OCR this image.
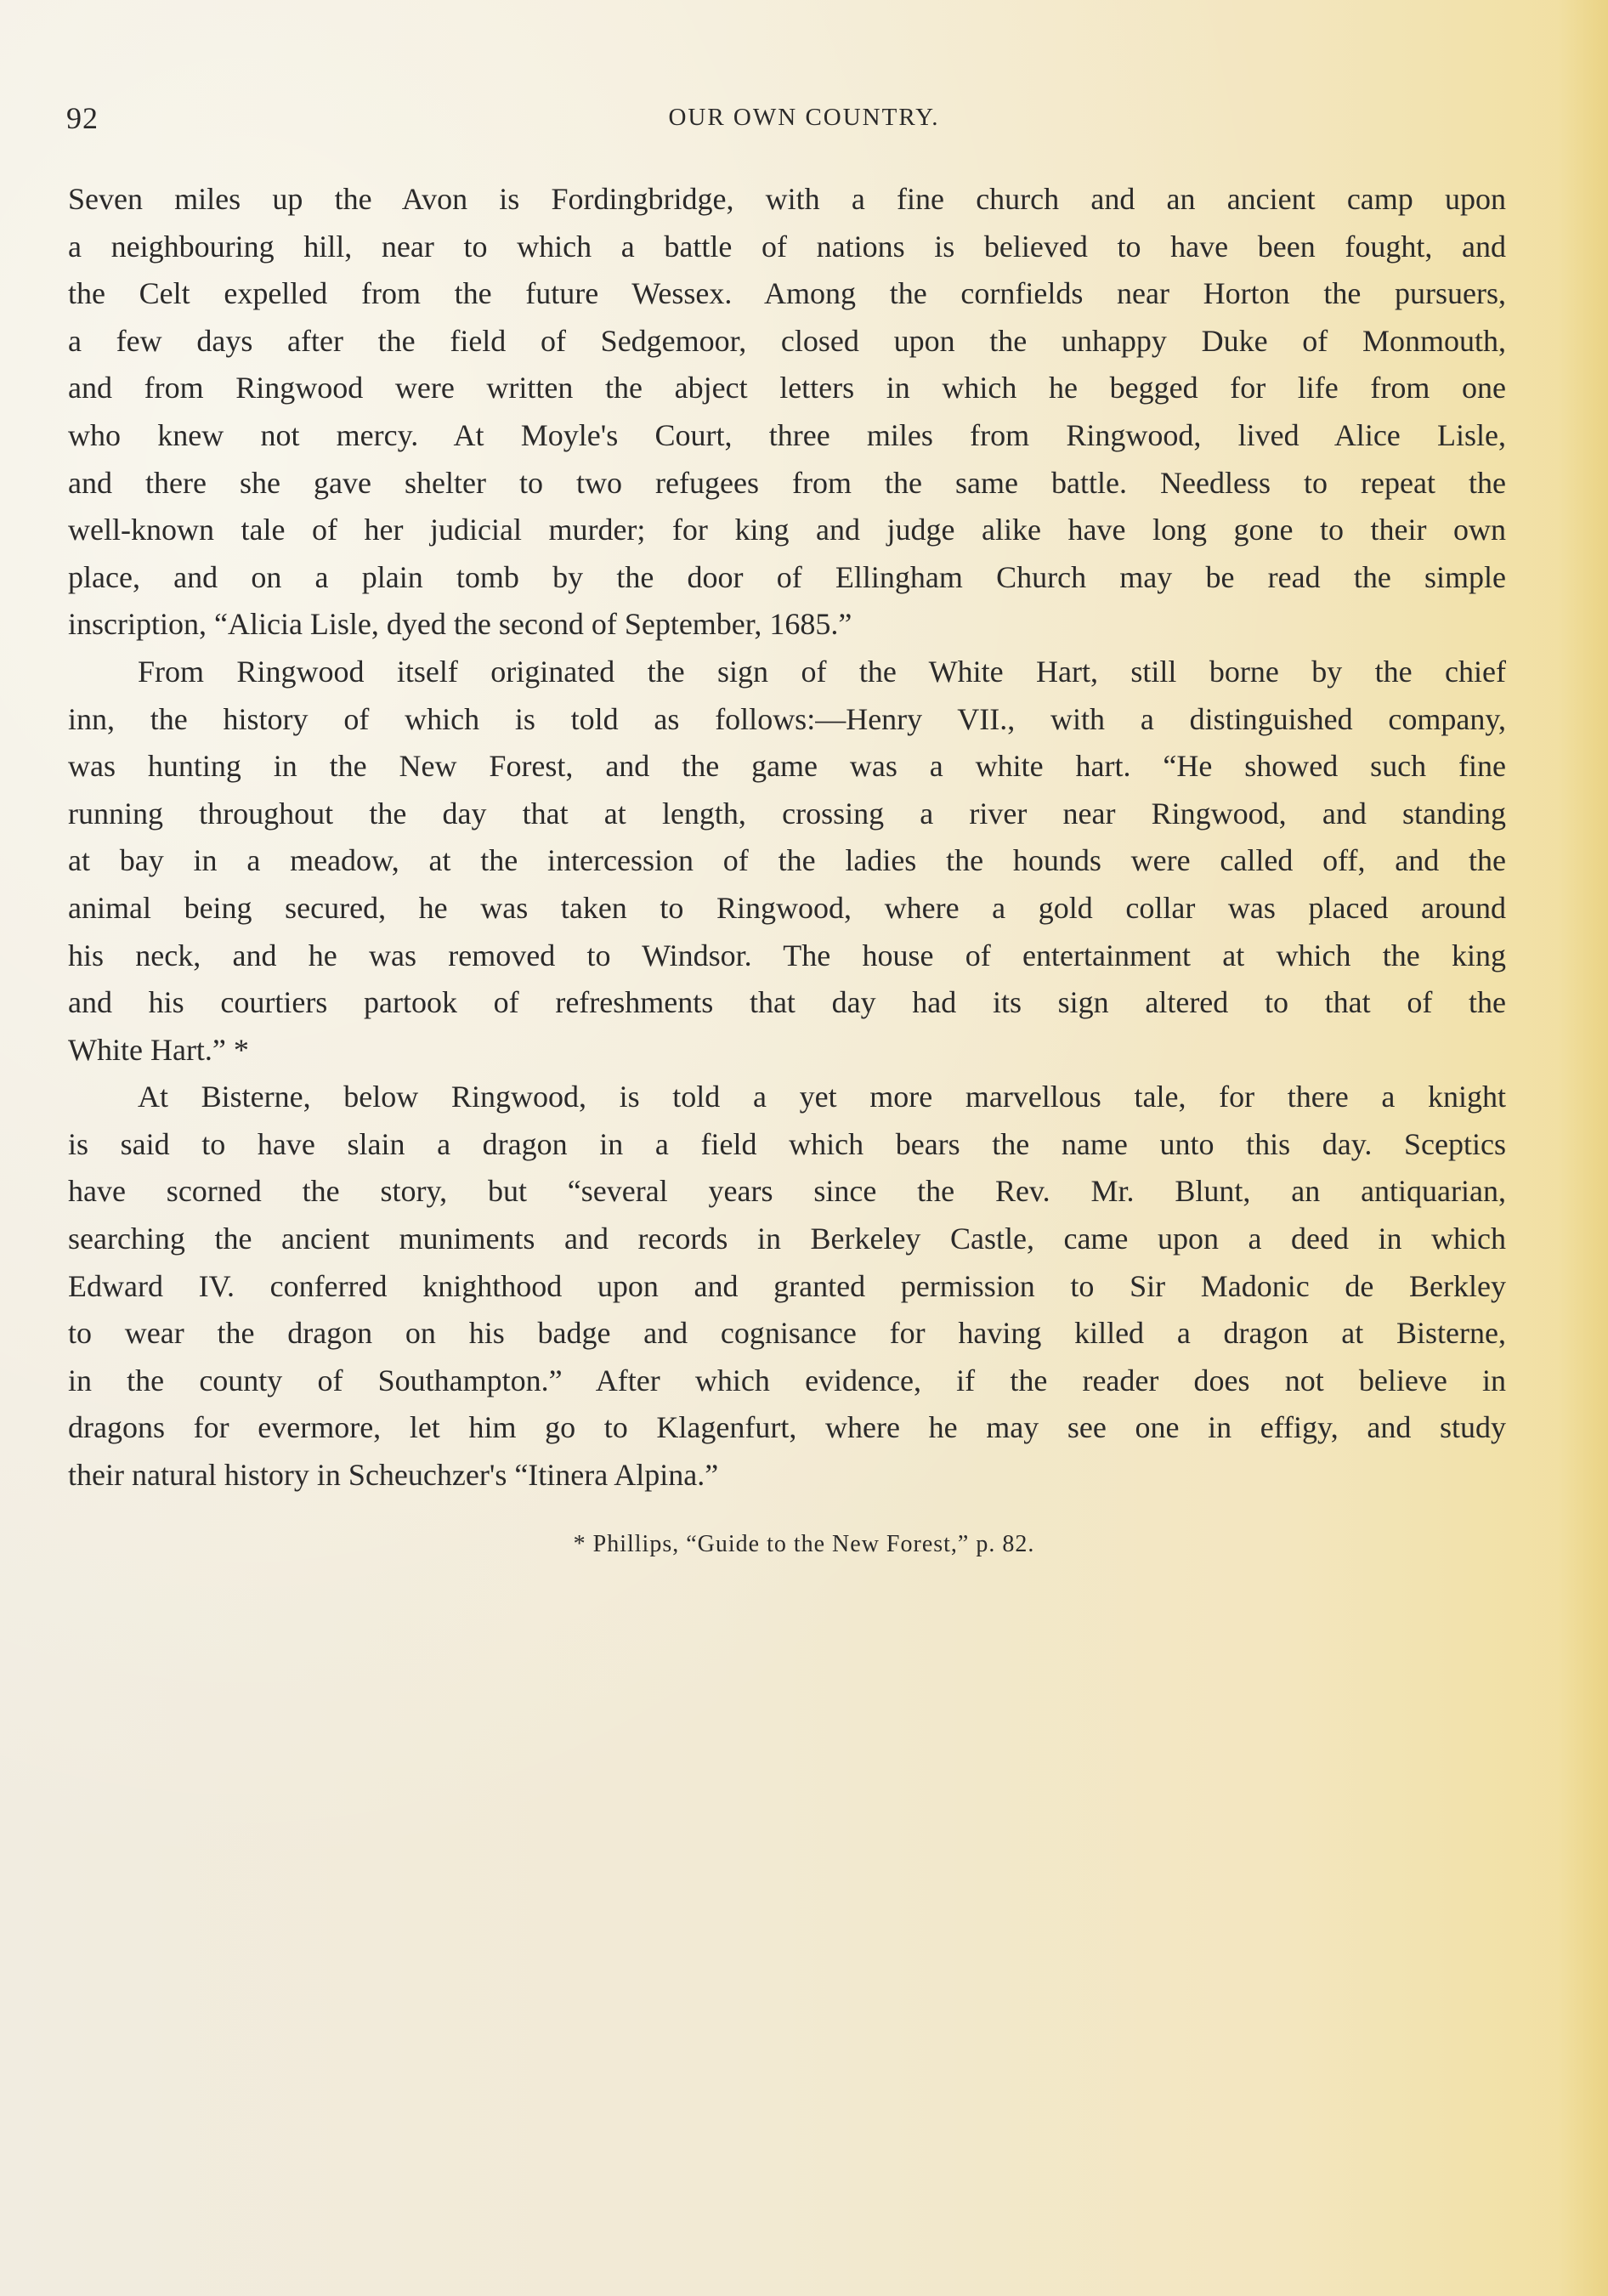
92	OUR OWN COUNTRY.
Seven miles up the Avon is Fordingbridge, with a fine church and an ancient camp upon
a neighbouring hill, near to which a battle of nations is believed to have been fought, and
the Celt expelled from the future Wessex. Among the cornfields near Horton the pursuers,
a few days after the field of Sedgemoor, closed upon the unhappy Duke of Monmouth,
and from Ringwood were written the abject letters in which he begged for life from one
who knew not mercy. At Moyle's Court, three miles from Ringwood, lived Alice Lisle,
and there she gave shelter to two refugees from the same battle. Needless to repeat the
well-known tale of her judicial murder; for king and judge alike have long gone to their own
place, and on a plain tomb by the door of Ellingham Church may be read the simple
inscription, “Alicia Lisle, dyed the second of September, 1685.”
From Ringwood itself originated the sign of the White Hart, still borne by the chief
inn, the history of which is told as follows:—Henry VII., with a distinguished company,
was hunting in the New Forest, and the game was a white hart. “He showed such fine
running throughout the day that at length, crossing a river near Ringwood, and standing
at bay in a meadow, at the intercession of the ladies the hounds were called off, and the
animal being secured, he was taken to Ringwood, where a gold collar was placed around
his neck, and he was removed to Windsor. The house of entertainment at which the king
and his courtiers partook of refreshments that day had its sign altered to that of the
White Hart.” *
At Bisterne, below Ringwood, is told a yet more marvellous tale, for there a knight
is said to have slain a dragon in a field which bears the name unto this day. Sceptics
have scorned the story, but “several years since the Rev. Mr. Blunt, an antiquarian,
searching the ancient muniments and records in Berkeley Castle, came upon a deed in which
Edward IV. conferred knighthood upon and granted permission to Sir Madonic de Berkley
to wear the dragon on his badge and cognisance for having killed a dragon at Bisterne,
in the county of Southampton.” After which evidence, if the reader does not believe in
dragons for evermore, let him go to Klagenfurt, where he may see one in effigy, and study
their natural history in Scheuchzer's “Itinera Alpina.”
* Phillips, “Guide to the New Forest,” p. 82.
